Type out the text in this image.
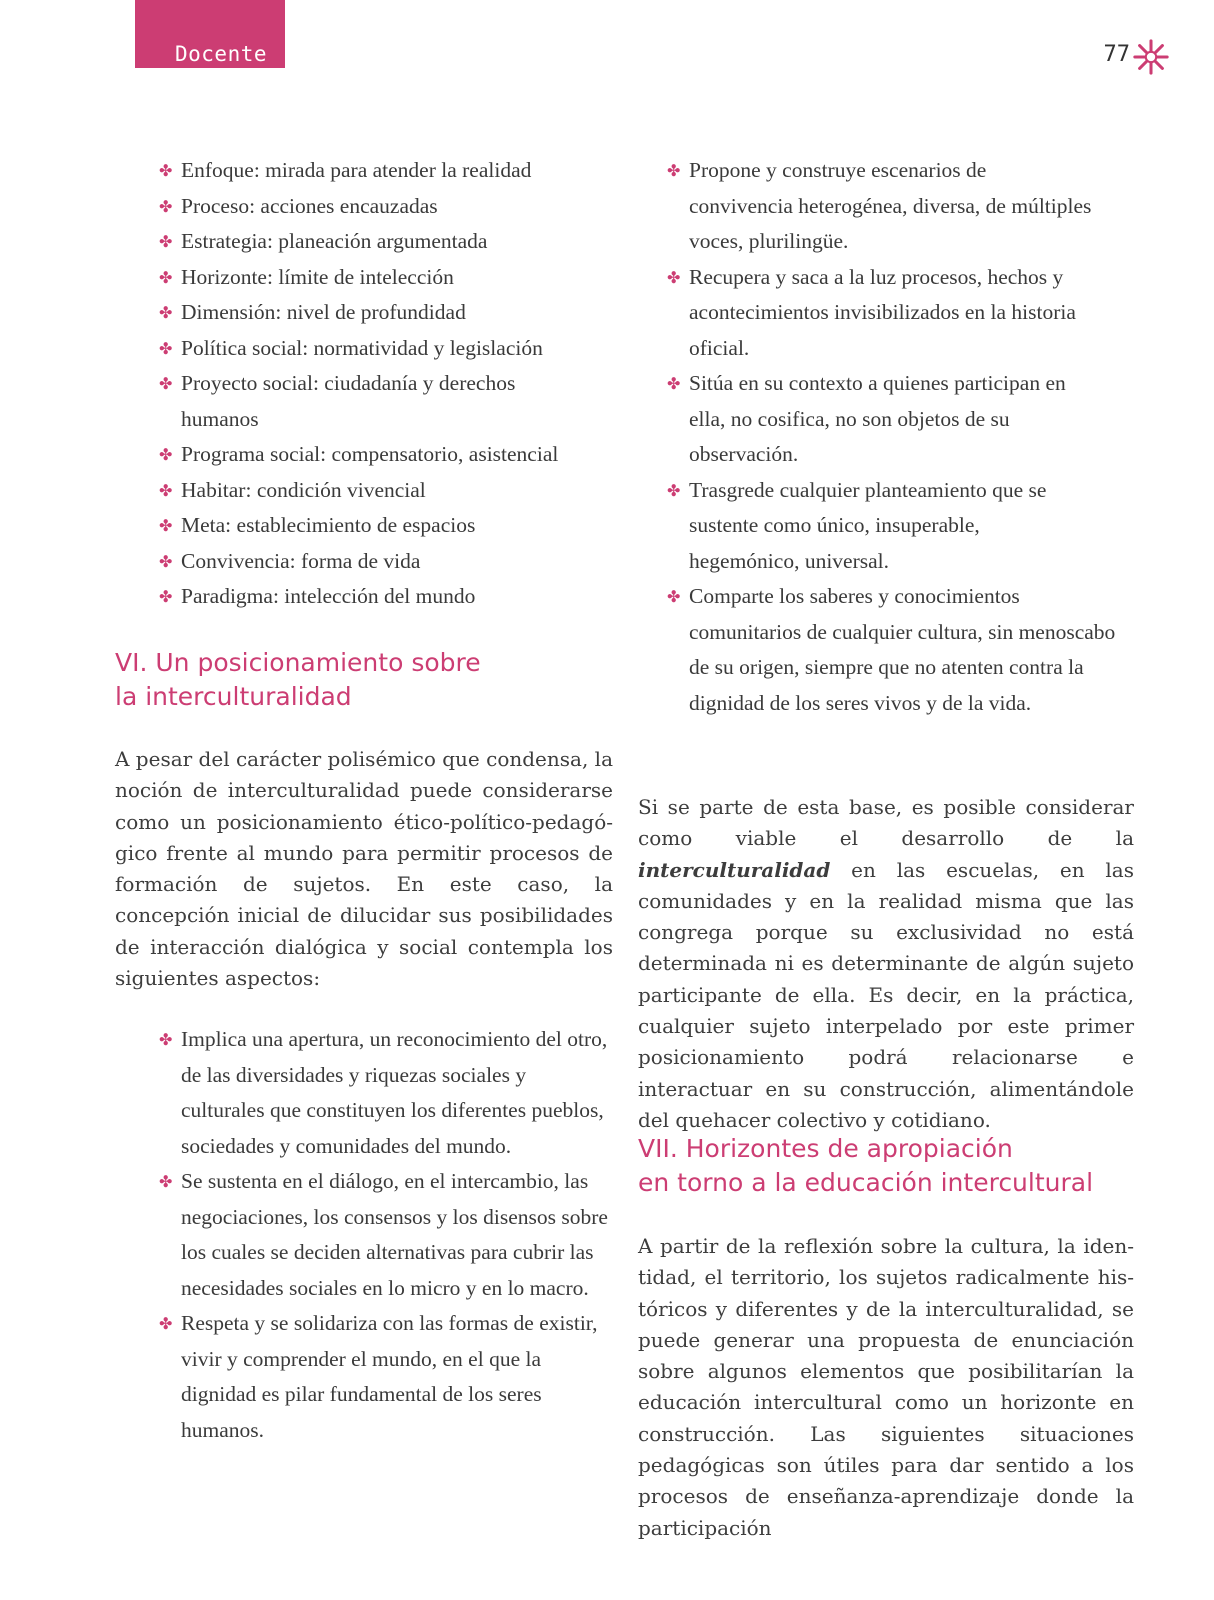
Docente	77
✤ Enfoque: mirada para atender la realidad
✤ Proceso: acciones encauzadas
✤ Estrategia: planeación argumentada
✤ Horizonte: límite de intelección
✤ Dimensión: nivel de profundidad
✤ Política social: normatividad y legislación
✤ Proyecto social: ciudadanía y derechos humanos
✤ Programa social: compensatorio, asistencial
✤ Habitar: condición vivencial
✤ Meta: establecimiento de espacios
✤ Convivencia: forma de vida
✤ Paradigma: intelección del mundo
VI. Un posicionamiento sobre
la interculturalidad

A pesar del carácter polisémico que condensa, la noción de interculturalidad puede considerarse como un posicionamiento ético-político-pedagógico frente al mundo para permitir procesos de formación de sujetos. En este caso, la concepción inicial de dilucidar sus posibilidades de interacción dialógica y social contempla los siguientes aspectos:

✤ Implica una apertura, un reconocimiento del otro, de las diversidades y riquezas sociales y culturales que constituyen los diferentes pueblos, sociedades y comunidades del mundo.
✤ Se sustenta en el diálogo, en el intercambio, las negociaciones, los consensos y los disensos sobre los cuales se deciden alternativas para cubrir las necesidades sociales en lo micro y en lo macro.
✤ Respeta y se solidariza con las formas de existir, vivir y comprender el mundo, en el que la dignidad es pilar fundamental de los seres humanos.
✤ Propone y construye escenarios de convivencia heterogénea, diversa, de múltiples voces, plurilingüe.
✤ Recupera y saca a la luz procesos, hechos y acontecimientos invisibilizados en la historia oficial.
✤ Sitúa en su contexto a quienes participan en ella, no cosifica, no son objetos de su observación.
✤ Trasgrede cualquier planteamiento que se sustente como único, insuperable, hegemónico, universal.
✤ Comparte los saberes y conocimientos comunitarios de cualquier cultura, sin menoscabo de su origen, siempre que no atenten contra la dignidad de los seres vivos y de la vida.

Si se parte de esta base, es posible considerar como viable el desarrollo de la interculturalidad en las escuelas, en las comunidades y en la realidad misma que las congrega porque su exclusividad no está determinada ni es determinante de algún sujeto participante de ella. Es decir, en la práctica, cualquier sujeto interpelado por este primer posicionamiento podrá relacionarse e interactuar en su construcción, alimentándole del quehacer colectivo y cotidiano.

VII. Horizontes de apropiación
en torno a la educación intercultural

A partir de la reflexión sobre la cultura, la identidad, el territorio, los sujetos radicalmente históricos y diferentes y de la interculturalidad, se puede generar una propuesta de enunciación sobre algunos elementos que posibilitarían la educación intercultural como un horizonte en construcción. Las siguientes situaciones pedagógicas son útiles para dar sentido a los procesos de enseñanza-aprendizaje donde la participación
